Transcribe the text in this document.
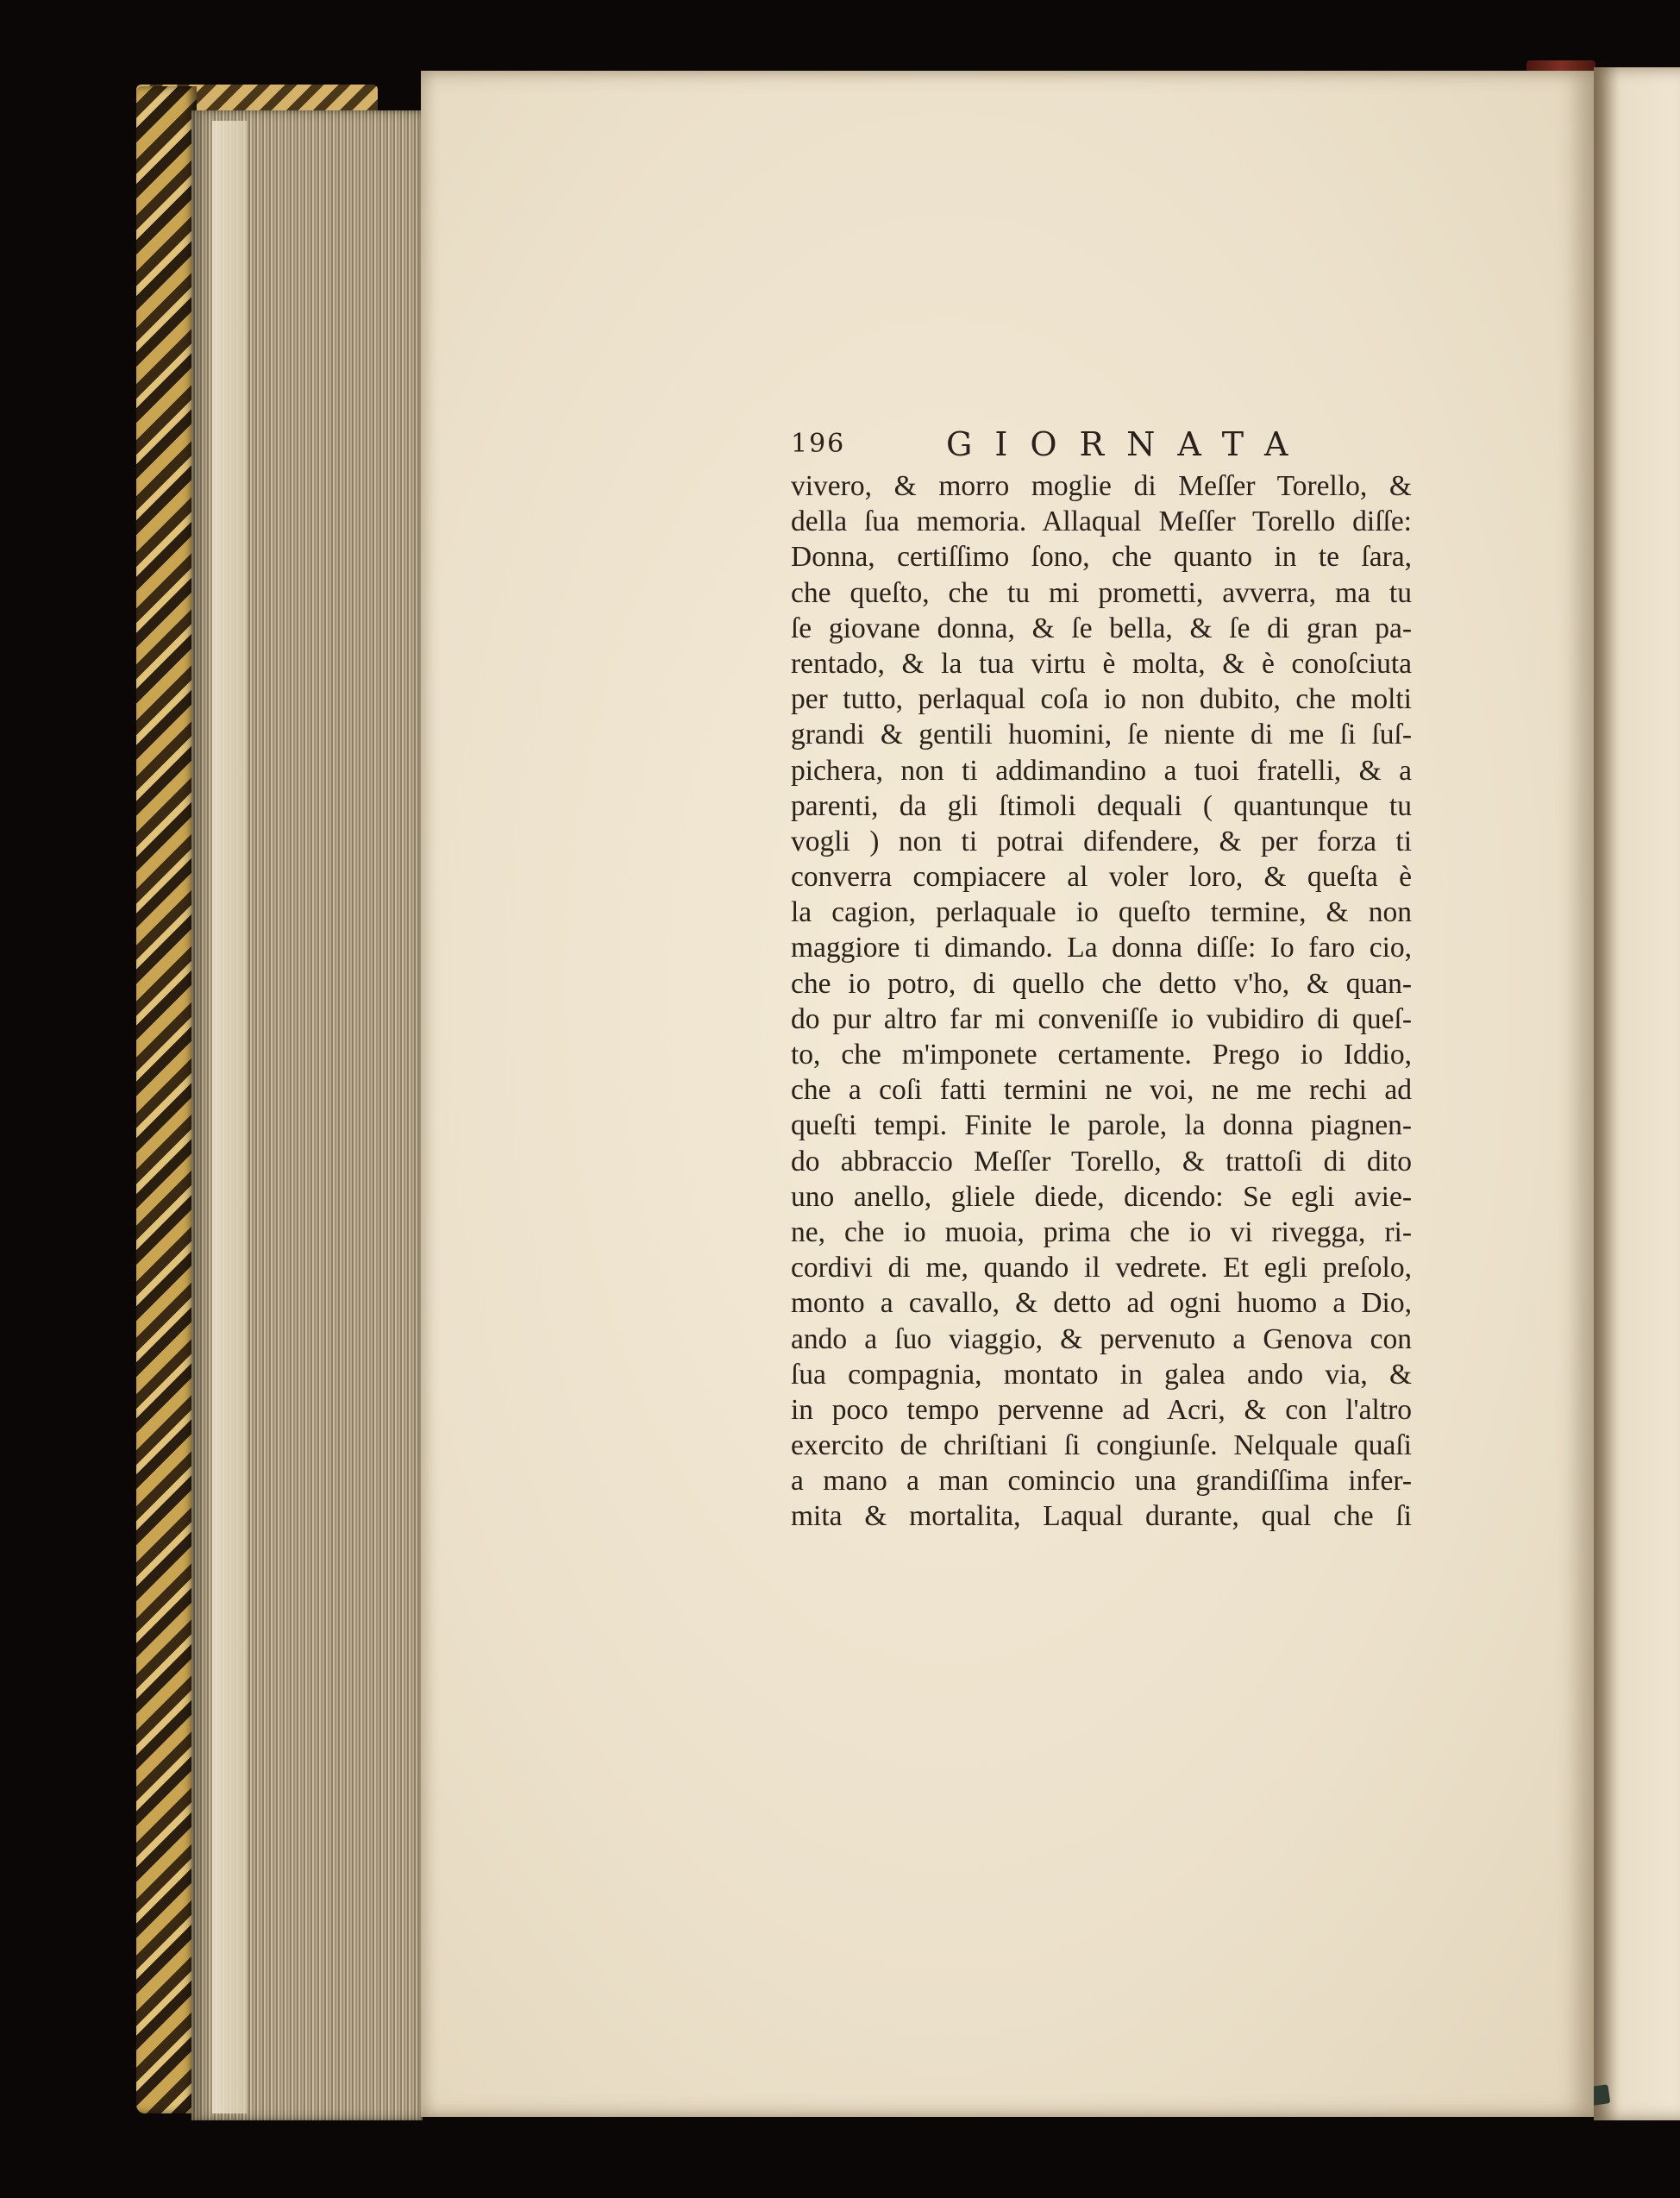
196	GIORNATA
vivero, & morro moglie di Meſſer Torello, &
della ſua memoria. Allaqual Meſſer Torello diſſe:
Donna, certiſſimo ſono, che quanto in te ſara,
che queſto, che tu mi prometti, avverra, ma tu
ſe giovane donna, & ſe bella, & ſe di gran pa-
rentado, & la tua virtu è molta, & è conoſciuta
per tutto, perlaqual coſa io non dubito, che molti
grandi & gentili huomini, ſe niente di me ſi ſuſ-
pichera, non ti addimandino a tuoi fratelli, & a
parenti, da gli ſtimoli dequali ( quantunque tu
vogli ) non ti potrai difendere, & per forza ti
converra compiacere al voler loro, & queſta è
la cagion, perlaquale io queſto termine, & non
maggiore ti dimando. La donna diſſe: Io faro cio,
che io potro, di quello che detto v'ho, & quan-
do pur altro far mi conveniſſe io vubidiro di queſ-
to, che m'imponete certamente. Prego io Iddio,
che a coſi fatti termini ne voi, ne me rechi ad
queſti tempi. Finite le parole, la donna piagnen-
do abbraccio Meſſer Torello, & trattoſi di dito
uno anello, gliele diede, dicendo: Se egli avie-
ne, che io muoia, prima che io vi rivegga, ri-
cordivi di me, quando il vedrete. Et egli preſolo,
monto a cavallo, & detto ad ogni huomo a Dio,
ando a ſuo viaggio, & pervenuto a Genova con
ſua compagnia, montato in galea ando via, &
in poco tempo pervenne ad Acri, & con l'altro
exercito de chriſtiani ſi congiunſe. Nelquale quaſi
a mano a man comincio una grandiſſima infer-
mita & mortalita, Laqual durante, qual che ſi
